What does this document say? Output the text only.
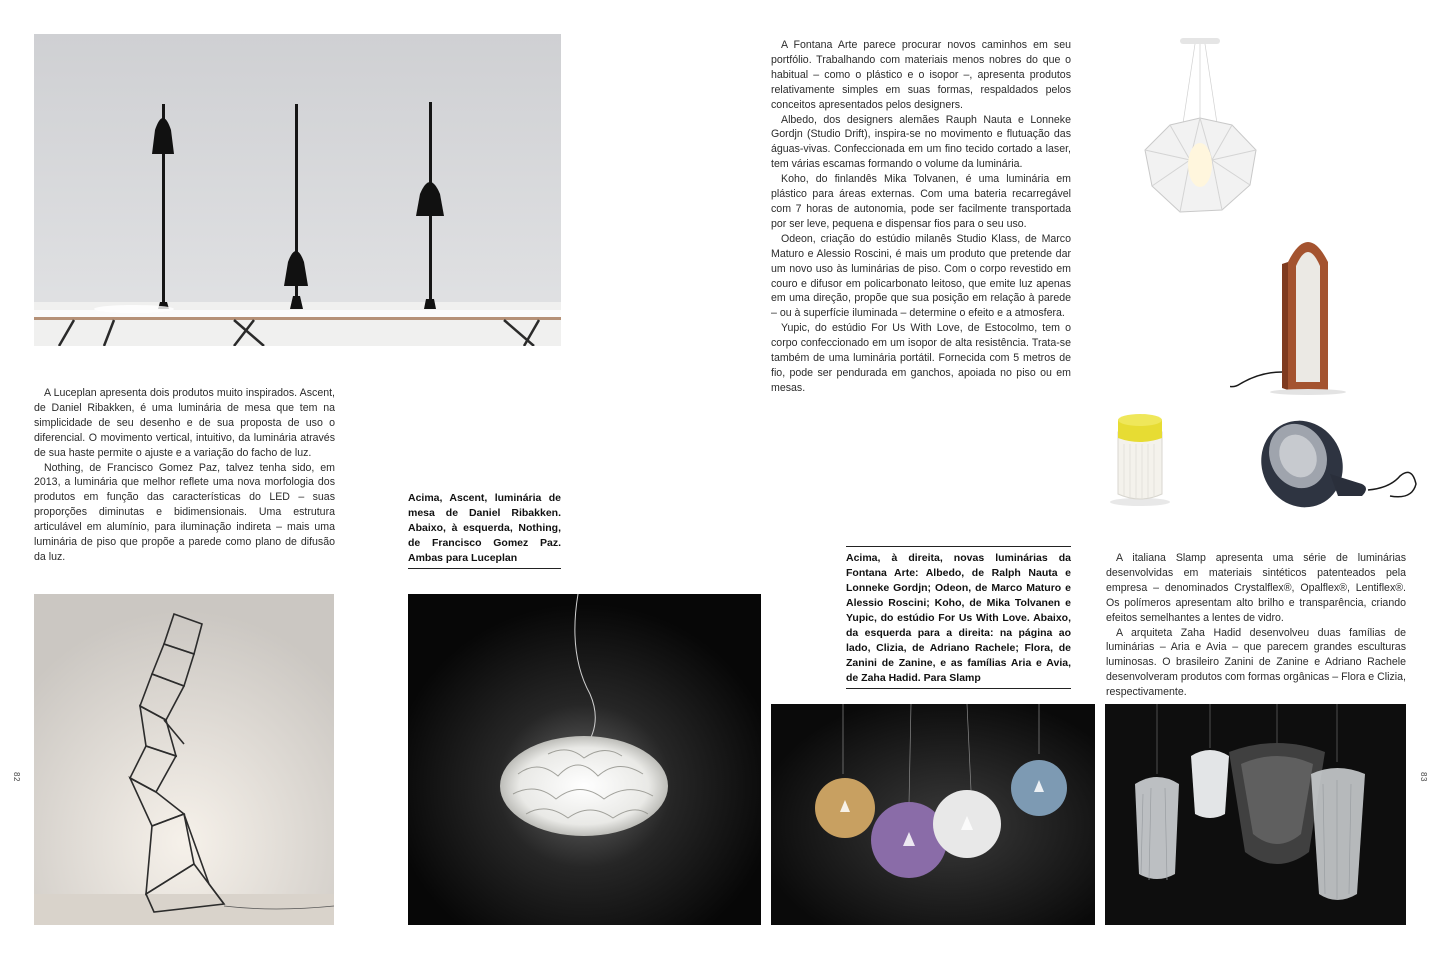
A Luceplan apresenta dois produtos muito inspirados. Ascent, de Daniel Ribakken, é uma luminária de mesa que tem na simplicidade de seu desenho e de sua proposta de uso o diferencial. O movimento vertical, intuitivo, da luminária através de sua haste permite o ajuste e a variação do facho de luz.

Nothing, de Francisco Gomez Paz, talvez tenha sido, em 2013, a luminária que melhor reflete uma nova morfologia dos produtos em função das características do LED – suas proporções diminutas e bidimensionais. Uma estrutura articulável em alumínio, para iluminação indireta – mais uma luminária de piso que propõe a parede como plano de difusão da luz.

Acima, Ascent, luminária de mesa de Daniel Ribakken. Abaixo, à esquerda, Nothing, de Francisco Gomez Paz. Ambas para Luceplan

A Fontana Arte parece procurar novos caminhos em seu portfólio. Trabalhando com materiais menos nobres do que o habitual – como o plástico e o isopor –, apresenta produtos relativamente simples em suas formas, respaldados pelos conceitos apresentados pelos designers.

Albedo, dos designers alemães Rauph Nauta e Lonneke Gordjn (Studio Drift), inspira-se no movimento e flutuação das águas-vivas. Confeccionada em um fino tecido cortado a laser, tem várias escamas formando o volume da luminária.

Koho, do finlandês Mika Tolvanen, é uma luminária em plástico para áreas externas. Com uma bateria recarregável com 7 horas de autonomia, pode ser facilmente transportada por ser leve, pequena e dispensar fios para o seu uso.

Odeon, criação do estúdio milanês Studio Klass, de Marco Maturo e Alessio Roscini, é mais um produto que pretende dar um novo uso às luminárias de piso. Com o corpo revestido em couro e difusor em policarbonato leitoso, que emite luz apenas em uma direção, propõe que sua posição em relação à parede – ou à superfície iluminada – determine o efeito e a atmosfera.

Yupic, do estúdio For Us With Love, de Estocolmo, tem o corpo confeccionado em um isopor de alta resistência. Trata-se também de uma luminária portátil. Fornecida com 5 metros de fio, pode ser pendurada em ganchos, apoiada no piso ou em mesas.

Acima, à direita, novas luminárias da Fontana Arte: Albedo, de Ralph Nauta e Lonneke Gordjn; Odeon, de Marco Maturo e Alessio Roscini; Koho, de Mika Tolvanen e Yupic, do estúdio For Us With Love. Abaixo, da esquerda para a direita: na página ao lado, Clizia, de Adriano Rachele; Flora, de Zanini de Zanine, e as famílias Aria e Avia, de Zaha Hadid. Para Slamp

A italiana Slamp apresenta uma série de luminárias desenvolvidas em materiais sintéticos patenteados pela empresa – denominados Crystalflex®, Opalflex®, Lentiflex®. Os polímeros apresentam alto brilho e transparência, criando efeitos semelhantes a lentes de vidro.

A arquiteta Zaha Hadid desenvolveu duas famílias de luminárias – Aria e Avia – que parecem grandes esculturas luminosas. O brasileiro Zanini de Zanine e Adriano Rachele desenvolveram produtos com formas orgânicas – Flora e Clizia, respectivamente.

82	83
